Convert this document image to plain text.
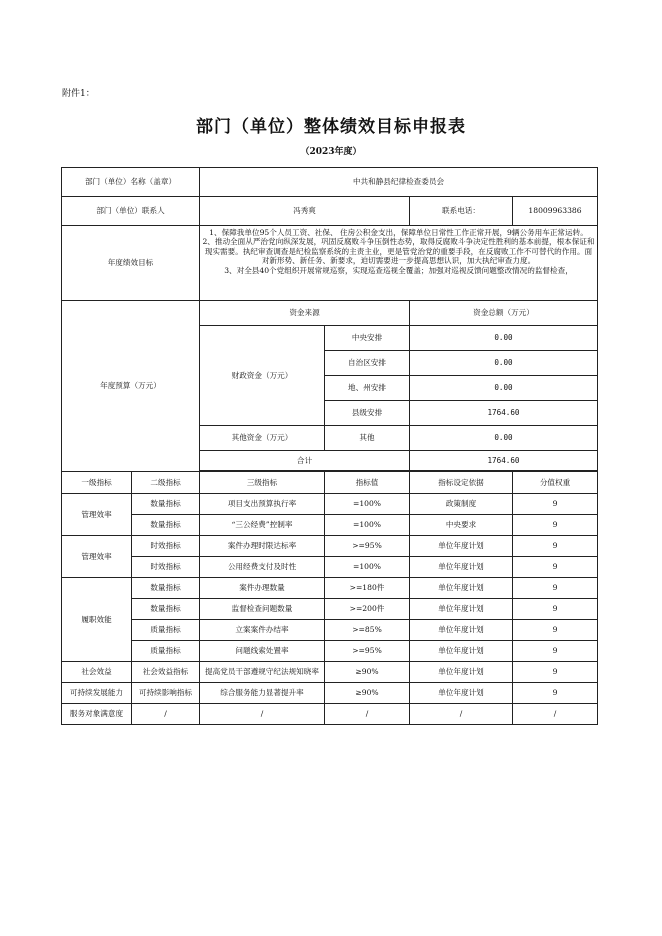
附件1：
部门（单位）整体绩效目标申报表
（2023年度）
部门（单位）名称（盖章）		中共和静县纪律检查委员会			
部门（单位）联系人		冯秀爽		联系电话：	18009963386
年度绩效目标		1、保障我单位95个人员工资、社保、 住房公积金支出，保障单位日常性工作正常开展，9辆公务用车正常运转。
2、推动全面从严治党向纵深发展，巩固反腐败斗争压倒性态势，取得反腐败斗争决定性胜利的基本前提，根本保证和现实需要。执纪审查调查是纪检监察系统的主责主业，更是管党治党的重要手段，在反腐败工作不可替代的作用。面对新形势、新任务、新要求，迫切需要进一步提高思想认识，加大执纪审查力度。
3、对全县40个党组织开展常规巡察，实现巡查巡视全覆盖；加强对巡视反馈问题整改情况的监督检查，			

年度预算（万元）		资金来源		资金总额（万元）	
		财政资金（万元）	中央安排	0.00	
			自治区安排	0.00	
			地、州安排	0.00	
			县级安排	1764.60	
		其他资金（万元）	其他	0.00	
		合计		1764.60	

一级指标	二级指标	三级指标	指标值	指标设定依据	分值权重
管理效率	数量指标	项目支出预算执行率	=100%	政策制度	9
	数量指标	“三公经费”控制率	=100%	中央要求	9
管理效率	时效指标	案件办理时限达标率	>=95%	单位年度计划	9
	时效指标	公用经费支付及时性	=100%	单位年度计划	9
履职效能	数量指标	案件办理数量	>=180件	单位年度计划	9
	数量指标	监督检查问题数量	>=200件	单位年度计划	9
	质量指标	立案案件办结率	>=85%	单位年度计划	9
	质量指标	问题线索处置率	>=95%	单位年度计划	9
社会效益	社会效益指标	提高党员干部遵规守纪法规知晓率	≥90%	单位年度计划	9
可持续发展能力	可持续影响指标	综合服务能力显著提升率	≥90%	单位年度计划	9
服务对象满意度	/	/	/	/	/
